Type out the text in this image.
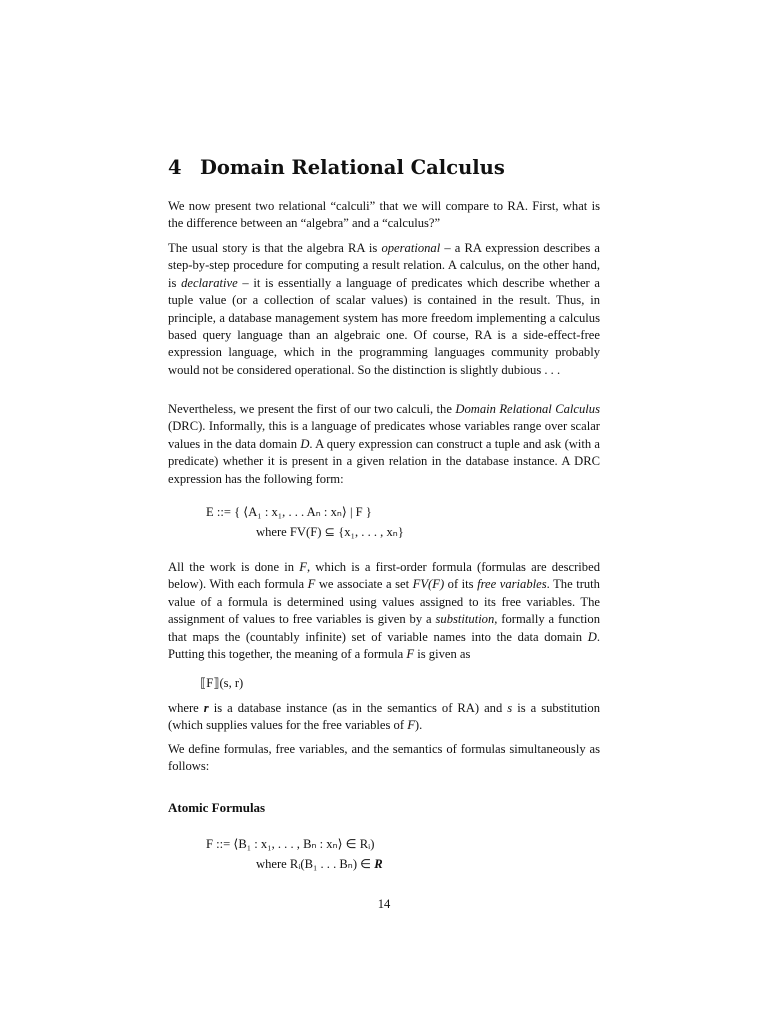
4 Domain Relational Calculus
We now present two relational “calculi” that we will compare to RA. First, what is the difference between an “algebra” and a “calculus?”
The usual story is that the algebra RA is operational – a RA expression describes a step-by-step procedure for computing a result relation. A calculus, on the other hand, is declarative – it is essentially a language of predicates which describe whether a tuple value (or a collection of scalar values) is contained in the result. Thus, in principle, a database management system has more freedom implementing a calculus based query language than an algebraic one. Of course, RA is a side-effect-free expression language, which in the programming languages community probably would not be considered operational. So the distinction is slightly dubious . . .
Nevertheless, we present the first of our two calculi, the Domain Relational Calculus (DRC). Informally, this is a language of predicates whose variables range over scalar values in the data domain D. A query expression can construct a tuple and ask (with a predicate) whether it is present in a given relation in the database instance. A DRC expression has the following form:
E ::= { ⟨A₁ : x₁, . . . Aₙ : xₙ⟩ | F }
where FV(F) ⊆ {x₁, . . . , xₙ}
All the work is done in F, which is a first-order formula (formulas are described below). With each formula F we associate a set FV(F) of its free variables. The truth value of a formula is determined using values assigned to its free variables. The assignment of values to free variables is given by a substitution, formally a function that maps the (countably infinite) set of variable names into the data domain D. Putting this together, the meaning of a formula F is given as
⟦F⟧(s, r)
where r is a database instance (as in the semantics of RA) and s is a substitution (which supplies values for the free variables of F).
We define formulas, free variables, and the semantics of formulas simultaneously as follows:
Atomic Formulas
F ::= ⟨B₁ : x₁, . . . , Bₙ : xₙ⟩ ∈ Rᵢ)
where Rᵢ(B₁ . . . Bₙ) ∈ R
14
